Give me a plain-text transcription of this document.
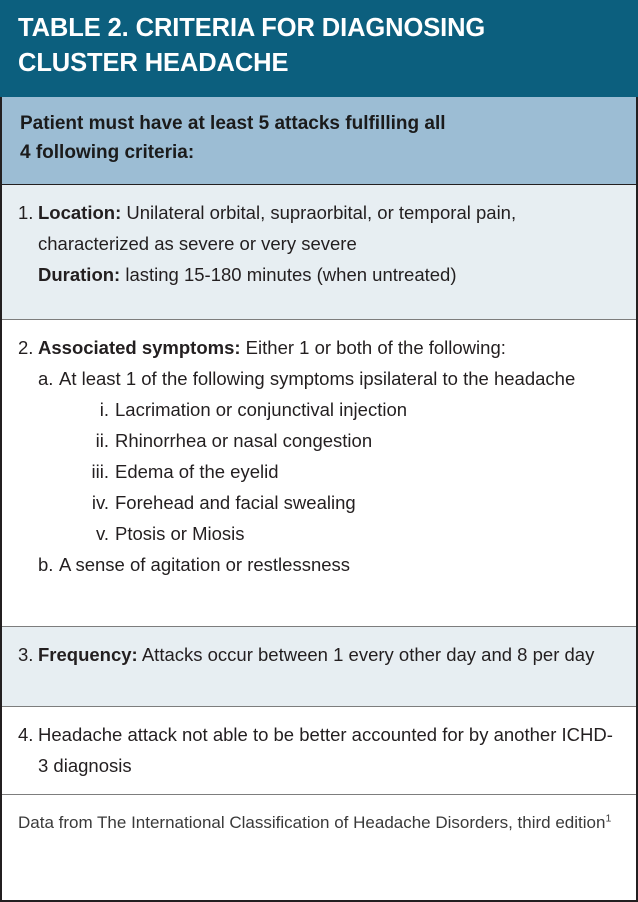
TABLE 2. CRITERIA FOR DIAGNOSING
CLUSTER HEADACHE
Patient must have at least 5 attacks fulfilling all
4 following criteria:
1. Location: Unilateral orbital, supraorbital, or temporal pain, characterized as severe or very severe
Duration: lasting 15-180 minutes (when untreated)
2. Associated symptoms: Either 1 or both of the following:
a. At least 1 of the following symptoms ipsilateral to the headache
i. Lacrimation or conjunctival injection
ii. Rhinorrhea or nasal congestion
iii. Edema of the eyelid
iv. Forehead and facial swealing
v. Ptosis or Miosis
b. A sense of agitation or restlessness
3. Frequency: Attacks occur between 1 every other day and 8 per day
4. Headache attack not able to be better accounted for by another ICHD-3 diagnosis
Data from The International Classification of Headache Disorders, third edition$^1$
